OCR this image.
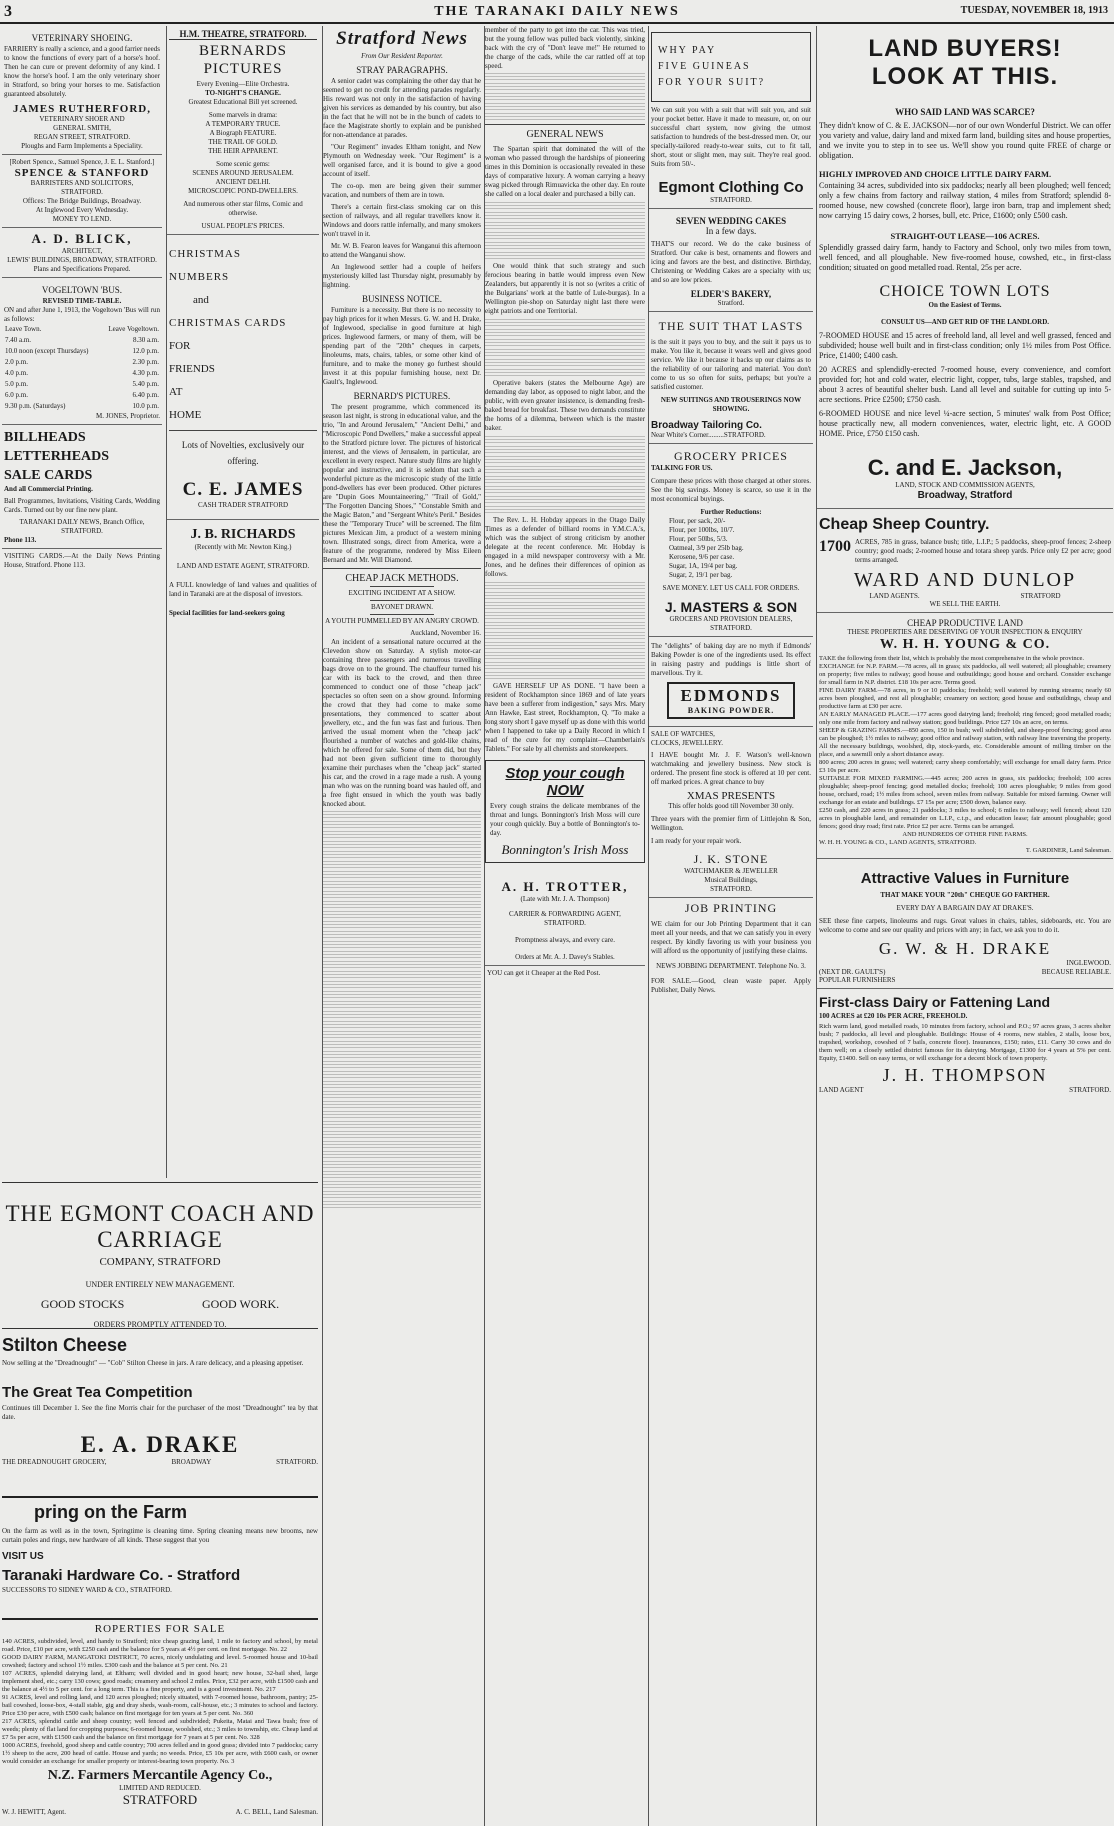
3	THE TARANAKI DAILY NEWS	TUESDAY, NOVEMBER 18, 1913
VETERINARY SHOEING.
FARRIERY is really a science, and a good farrier needs to know the functions of every part of a horse's hoof. Then he can cure or prevent deformity of any kind. I know the horse's hoof. I am the only veterinary shoer in Stratford, so bring your horses to me. Satisfaction guaranteed absolutely.
JAMES RUTHERFORD,
VETERINARY SHOER AND
GENERAL SMITH,
REGAN STREET, STRATFORD.
Ploughs and Farm Implements a Speciality.
[Robert Spence., Samuel Spence, J. E. L. Stanford.]
SPENCE & STANFORD
BARRISTERS AND SOLICITORS,
STRATFORD.
Offices: The Bridge Buildings, Broadway.
At Inglewood Every Wednesday.
MONEY TO LEND.
A. D. BLICK,
ARCHITECT,
LEWIS' BUILDINGS, BROADWAY, STRATFORD.
Plans and Specifications Prepared.
VOGELTOWN 'BUS.
REVISED TIME-TABLE.
ON and after June 1, 1913, the Vogeltown 'Bus will run as follows:
Leave Town.	Leave Vogeltown.
7.40 a.m.	8.30 a.m.
10.0 noon (except Thursdays)	12.0 p.m.
2.0 p.m.	2.30 p.m.
4.0 p.m.	4.30 p.m.
5.0 p.m.	5.40 p.m.
6.0 p.m.	6.40 p.m.
9.30 p.m. (Saturdays)	10.0 p.m.
M. JONES, Proprietor.
BILLHEADS
LETTERHEADS
SALE CARDS
And all Commercial Printing.
Ball Programmes, Invitations, Visiting Cards, Wedding Cards. Turned out by our fine new plant.
TARANAKI DAILY NEWS, Branch Office, STRATFORD.
Phone 113.
VISITING CARDS.—At the Daily News Printing House, Stratford. Phone 113.
H.M. THEATRE, STRATFORD.
BERNARDS PICTURES
Every Evening—Elite Orchestra.
TO-NIGHT'S CHANGE.
Greatest Educational Bill yet screened.
Some marvels in drama:
A TEMPORARY TRUCE.
A Biograph FEATURE.
THE TRAIL OF GOLD.
THE HEIR APPARENT.
Some scenic gems:
SCENES AROUND JERUSALEM.
ANCIENT DELHI.
MICROSCOPIC POND-DWELLERS.
And numerous other star films, Comic and otherwise.
USUAL PEOPLE'S PRICES.
CHRISTMAS
NUMBERS
and
CHRISTMAS CARDS
FOR
FRIENDS
AT
HOME
Lots of Novelties, exclusively our offering.
C. E. JAMES
CASH TRADER STRATFORD
J. B. RICHARDS
(Recently with Mr. Newton King.)
LAND AND ESTATE AGENT, STRATFORD.
A FULL knowledge of land values and qualities of land in Taranaki are at the disposal of investors.
Special facilities for land-seekers going
THE EGMONT COACH AND CARRIAGE
COMPANY, STRATFORD
UNDER ENTIRELY NEW MANAGEMENT.
GOOD STOCKS	GOOD WORK.
ORDERS PROMPTLY ATTENDED TO.
Stilton Cheese
Now selling at the "Dreadnought" — "Cob" Stilton Cheese in jars. A rare delicacy, and a pleasing appetiser.
The Great Tea Competition
Continues till December 1. See the fine Morris chair for the purchaser of the most "Dreadnought" tea by that date.
E. A. DRAKE
THE DREADNOUGHT GROCERY,	BROADWAY	STRATFORD.
pring on the Farm
On the farm as well as in the town, Springtime is cleaning time. Spring cleaning means new brooms, new curtain poles and rings, new hardware of all kinds. These suggest that you
VISIT US
Taranaki Hardware Co. - Stratford
SUCCESSORS TO SIDNEY WARD & CO., STRATFORD.
ROPERTIES FOR SALE
140 ACRES, subdivided, level, and handy to Stratford; nice cheap grazing land, 1 mile to factory and school, by metal road. Price, £10 per acre, with £250 cash and the balance for 5 years at 4½ per cent. on first mortgage. No. 22
GOOD DAIRY FARM, MANGATOKI DISTRICT, 70 acres, nicely undulating and level. 5-roomed house and 10-bail cowshed; factory and school 1½ miles. £300 cash and the balance at 5 per cent. No. 21
107 ACRES, splendid dairying land, at Eltham; well divided and in good heart; new house, 32-bail shed, large implement shed, etc.; carry 130 cows; good roads; creamery and school 2 miles. Price, £32 per acre, with £1500 cash and the balance at 4½ to 5 per cent. for a long term. This is a fine property, and is a good investment. No. 217
91 ACRES, level and rolling land, and 120 acres ploughed; nicely situated, with 7-roomed house, bathroom, pantry; 25-bail cowshed, loose-box, 4-stall stable, gig and dray sheds, wash-room, calf-house, etc.; 3 minutes to school and factory. Price £30 per acre, with £500 cash; balance on first mortgage for ten years at 5 per cent. No. 360
217 ACRES, splendid cattle and sheep country; well fenced and subdivided; Pukeita, Matai and Tawa bush; free of weeds; plenty of flat land for cropping purposes; 6-roomed house, woolshed, etc.; 3 miles to township, etc. Cheap land at £7 5s per acre, with £1500 cash and the balance on first mortgage for 7 years at 5 per cent. No. 328
1000 ACRES, freehold, good sheep and cattle country; 700 acres felled and in good grass; divided into 7 paddocks; carry 1½ sheep to the acre, 200 head of cattle. House and yards; no weeds. Price, £5 10s per acre, with £600 cash, or owner would consider an exchange for smaller property or interest-bearing town property. No. 3
N.Z. Farmers Mercantile Agency Co.,
LIMITED AND REDUCED.
STRATFORD
W. J. HEWITT, Agent.	A. C. BELL, Land Salesman.
Stratford News
From Our Resident Reporter.
STRAY PARAGRAPHS.
A senior cadet was complaining the other day that he seemed to get no credit for attending parades regularly. His reward was not only in the satisfaction of having given his services as demanded by his country, but also in the fact that he will not be in the bunch of cadets to face the Magistrate shortly to explain and be punished for non-attendance at parades.
"Our Regiment" invades Eltham tonight, and New Plymouth on Wednesday week. "Our Regiment" is a well organised farce, and it is bound to give a good account of itself.
The co-op. men are being given their summer vacation, and numbers of them are in town.
There's a certain first-class smoking car on this section of railways, and all regular travellers know it. Windows and doors rattle infernally, and many smokers won't travel in it.
Mr. W. B. Fearon leaves for Wanganui this afternoon to attend the Wanganui show.
An Inglewood settler had a couple of heifers mysteriously killed last Thursday night, presumably by lightning.
BUSINESS NOTICE.
Furniture is a necessity. But there is no necessity to pay high prices for it when Messrs. G. W. and H. Drake, of Inglewood, specialise in good furniture at high prices. Inglewood farmers, or many of them, will be spending part of the "20th" cheques in carpets, linoleums, mats, chairs, tables, or some other kind of furniture, and to make the money go furthest should invest it at this popular furnishing house, next Dr. Gault's, Inglewood.
BERNARD'S PICTURES.
The present programme, which commenced its season last night, is strong in educational value, and the trio, "In and Around Jerusalem," "Ancient Delhi," and "Microscopic Pond Dwellers," make a successful appeal to the Stratford picture lover. The pictures of historical interest, and the views of Jerusalem, in particular, are excellent in every respect. Nature study films are highly popular and instructive, and it is seldom that such a wonderful picture as the microscopic study of the little pond-dwellers has ever been produced. Other pictures are "Dupin Goes Mountaineering," "Trail of Gold," "The Forgotten Dancing Shoes," "Constable Smith and the Magic Baton," and "Sergeant White's Peril." Besides these the "Temporary Truce" will be screened. The film pictures Mexican Jim, a product of a western mining town. Illustrated songs, direct from America, were a feature of the programme, rendered by Miss Eileen Bernard and Mr. Will Diamond.
CHEAP JACK METHODS.
EXCITING INCIDENT AT A SHOW.
BAYONET DRAWN.
A YOUTH PUMMELLED BY AN ANGRY CROWD.
Auckland, November 16.
An incident of a sensational nature occurred at the Clevedon show on Saturday. A stylish motor-car containing three passengers and numerous travelling bags drove on to the ground. The chauffeur turned his car with its back to the crowd, and then three commenced to conduct one of those "cheap jack" spectacles so often seen on a show ground. Informing the crowd that they had come to make some presentations, they commenced to scatter about jewellery, etc., and the fun was fast and furious. Then arrived the usual moment when the "cheap jack" flourished a number of watches and gold-like chains, which he offered for sale. Some of them did, but they had not been given sufficient time to thoroughly examine their purchases when the "cheap jack" started his car, and the crowd in a rage made a rush. A young man who was on the running board was hauled off, and a free fight ensued in which the youth was badly knocked about.
member of the party to get into the car. This was tried, but the young fellow was pulled back violently, sinking back with the cry of "Don't leave me!" He returned to the charge of the cads, while the car rattled off at top speed.
GENERAL NEWS
The Spartan spirit that dominated the will of the woman who passed through the hardships of pioneering times in this Dominion is occasionally revealed in these days of comparative luxury. A woman carrying a heavy swag picked through Rimuavicka the other day. En route she called on a local dealer and purchased a billy can.
One would think that such strategy and such ferocious bearing in battle would impress even New Zealanders, but apparently it is not so (writes a critic of the Bulgarians' work at the battle of Lule-burgas). In a Wellington pie-shop on Saturday night last there were eight patriots and one Territorial.
Operative bakers (states the Melbourne Age) are demanding day labor, as opposed to night labor, and the public, with even greater insistence, is demanding fresh-baked bread for breakfast. These two demands constitute the horns of a dilemma, between which is the master baker.
The Rev. L. H. Hobday appears in the Otago Daily Times as a defender of billiard rooms in Y.M.C.A.'s, which was the subject of strong criticism by another delegate at the recent conference. Mr. Hobday is engaged in a mild newspaper controversy with a Mr. Jones, and he defines their differences of opinion as follows.
GAVE HERSELF UP AS DONE. "I have been a resident of Rockhampton since 1869 and of late years have been a sufferer from indigestion," says Mrs. Mary Ann Hawke, East street, Rockhampton, Q. "To make a long story short I gave myself up as done with this world when I happened to take up a Daily Record in which I read of the cure for my complaint—Chamberlain's Tablets." For sale by all chemists and storekeepers.
Stop your cough NOW
Every cough strains the delicate membranes of the throat and lungs. Bonnington's Irish Moss will cure your cough quickly. Buy a bottle of Bonnington's to-day.
Bonnington's Irish Moss
A. H. TROTTER,
(Late with Mr. J. A. Thompson)
CARRIER & FORWARDING AGENT,
STRATFORD.
Promptness always, and every care.
Orders at Mr. A. J. Davey's Stables.
YOU can get it Cheaper at the Red Post.
WHY PAY
FIVE GUINEAS
FOR YOUR SUIT?
We can suit you with a suit that will suit you, and suit your pocket better. Have it made to measure, or, on our successful chart system, now giving the utmost satisfaction to hundreds of the best-dressed men. Or, our specially-tailored ready-to-wear suits, cut to fit tall, short, stout or slight men, may suit. They're real good. Suits from 50/-.
Egmont Clothing Co
STRATFORD.
SEVEN WEDDING CAKES
In a few days.
THAT'S our record. We do the cake business of Stratford. Our cake is best, ornaments and flowers and icing and favors are the best, and distinctive. Birthday, Christening or Wedding Cakes are a specialty with us; and so are low prices.
ELDER'S BAKERY,
Stratford.
THE SUIT THAT LASTS
is the suit it pays you to buy, and the suit it pays us to make. You like it, because it wears well and gives good service. We like it because it backs up our claims as to the reliability of our tailoring and material. You don't come to us so often for suits, perhaps; but you're a satisfied customer.
NEW SUITINGS AND TROUSERINGS NOW SHOWING.
Broadway Tailoring Co.
Near White's Corner.........STRATFORD.
GROCERY PRICES
TALKING FOR US.
Compare these prices with those charged at other stores. See the big savings. Money is scarce, so use it in the most economical buyings.
Further Reductions:
Flour, per sack, 20/-
Flour, per 100lbs, 10/7.
Flour, per 50lbs, 5/3.
Oatmeal, 3/9 per 25lb bag.
Kerosene, 9/6 per case.
Sugar, 1A, 19/4 per bag.
Sugar, 2, 19/1 per bag.
SAVE MONEY. LET US CALL FOR ORDERS.
J. MASTERS & SON
GROCERS AND PROVISION DEALERS, STRATFORD.
The "delights" of baking day are no myth if Edmonds' Baking Powder is one of the ingredients used. Its effect in raising pastry and puddings is little short of marvellous. Try it.
EDMONDS
BAKING POWDER.
SALE OF WATCHES,
CLOCKS, JEWELLERY.
I HAVE bought Mr. J. F. Watson's well-known watchmaking and jewellery business. New stock is ordered. The present fine stock is offered at 10 per cent. off marked prices. A great chance to buy
XMAS PRESENTS
This offer holds good till November 30 only.
Three years with the premier firm of Littlejohn & Son, Wellington.
I am ready for your repair work.
J. K. STONE
WATCHMAKER & JEWELLER
Musical Buildings,
STRATFORD.
JOB PRINTING
WE claim for our Job Printing Department that it can meet all your needs, and that we can satisfy you in every respect. By kindly favoring us with your business you will afford us the opportunity of justifying these claims.
NEWS JOBBING DEPARTMENT. Telephone No. 3.
FOR SALE.—Good, clean waste paper. Apply Publisher, Daily News.
LAND BUYERS!
LOOK AT THIS.
WHO SAID LAND WAS SCARCE?
They didn't know of C. & E. JACKSON—nor of our own Wonderful District. We can offer you variety and value, dairy land and mixed farm land, building sites and house properties, and we invite you to step in to see us. We'll show you round quite FREE of charge or obligation.
HIGHLY IMPROVED AND CHOICE LITTLE DAIRY FARM.
Containing 34 acres, subdivided into six paddocks; nearly all been ploughed; well fenced; only a few chains from factory and railway station, 4 miles from Stratford; splendid 8-roomed house, new cowshed (concrete floor), large iron barn, trap and implement shed; now carrying 15 dairy cows, 2 horses, bull, etc. Price, £1600; only £500 cash.
STRAIGHT-OUT LEASE—106 ACRES.
Splendidly grassed dairy farm, handy to Factory and School, only two miles from town, well fenced, and all ploughable. New five-roomed house, cowshed, etc., in first-class condition; situated on good metalled road. Rental, 25s per acre.
CHOICE TOWN LOTS
On the Easiest of Terms.
CONSULT US—AND GET RID OF THE LANDLORD.
7-ROOMED HOUSE and 15 acres of freehold land, all level and well grassed, fenced and subdivided; house well built and in first-class condition; only 1½ miles from Post Office. Price, £1400; £400 cash.
20 ACRES and splendidly-erected 7-roomed house, every convenience, and comfort provided for; hot and cold water, electric light, copper, tubs, large stables, trapshed, and about 3 acres of beautiful shelter bush. Land all level and suitable for cutting up into 5-acre sections. Price £2500; £750 cash.
6-ROOMED HOUSE and nice level ¼-acre section, 5 minutes' walk from Post Office; house practically new, all modern conveniences, water, electric light, etc. A GOOD HOME. Price, £750 £150 cash.
C. and E. Jackson,
LAND, STOCK AND COMMISSION AGENTS,
Broadway, Stratford
Cheap Sheep Country.
1700 ACRES, 785 in grass, balance bush; title, L.I.P.; 5 paddocks, sheep-proof fences; 2-sheep country; good roads; 2-roomed house and totara sheep yards. Price only £2 per acre; good terms arranged.
WARD AND DUNLOP
LAND AGENTS.	STRATFORD
WE SELL THE EARTH.
CHEAP PRODUCTIVE LAND
THESE PROPERTIES ARE DESERVING OF YOUR INSPECTION & ENQUIRY
W. H. H. YOUNG & CO.
TAKE the following from their list, which is probably the most comprehensive in the whole province.
EXCHANGE for N.P. FARM.—78 acres, all in grass; six paddocks, all well watered; all ploughable; creamery on property; five miles to railway; good house and outbuildings; good house and orchard. Consider exchange for small farm in N.P. district. £18 10s per acre. Terms good.
FINE DAIRY FARM.—78 acres, in 9 or 10 paddocks; freehold; well watered by running streams; nearly 60 acres been ploughed, and rest all ploughable; creamery on section; good house and outbuildings, cheap and productive farm at £30 per acre.
AN EARLY MANAGED PLACE.—177 acres good dairying land; freehold; ring fenced; good metalled roads; only one mile from factory and railway station; good buildings. Price £27 10s an acre, on terms.
SHEEP & GRAZING FARMS.—850 acres, 150 in bush; well subdivided, and sheep-proof fencing; good area can be ploughed; 1½ miles to railway; good office and railway station, with railway line traversing the property. All the necessary buildings, woolshed, dip, stock-yards, etc. Considerable amount of milling timber on the place, and a sawmill only a short distance away.
800 acres; 200 acres in grass; well watered; carry sheep comfortably; will exchange for small dairy farm. Price £3 10s per acre.
SUITABLE FOR MIXED FARMING.—445 acres; 200 acres in grass, six paddocks; freehold; 100 acres ploughable; sheep-proof fencing; good metalled docks; freehold; 100 acres ploughable; 9 miles from good house, orchard, road; 1½ miles from school, seven miles from railway. Suitable for mixed farming. Owner will exchange for an estate and buildings. £7 15s per acre; £500 down, balance easy.
£250 cash, and 220 acres in grass; 21 paddocks; 3 miles to school; 6 miles to railway; well fenced; about 120 acres in ploughable land, and remainder on L.I.P., c.t.p., and education lease; fair amount ploughable; good fences; good dray road; first rate. Price £2 per acre. Terms can be arranged.
AND HUNDREDS OF OTHER FINE FARMS.
W. H. H. YOUNG & CO., LAND AGENTS, STRATFORD.
T. GARDINER, Land Salesman.
Attractive Values in Furniture
THAT MAKE YOUR "20th" CHEQUE GO FARTHER.
EVERY DAY A BARGAIN DAY AT DRAKE'S.
SEE these fine carpets, linoleums and rugs. Great values in chairs, tables, sideboards, etc. You are welcome to come and see our quality and prices with any; in fact, we ask you to do it.
G. W. & H. DRAKE
INGLEWOOD.
(NEXT DR. GAULT'S)	BECAUSE RELIABLE.
POPULAR FURNISHERS
First-class Dairy or Fattening Land
100 ACRES at £20 10s PER ACRE, FREEHOLD.
Rich warm land, good metalled roads, 10 minutes from factory, school and P.O.; 97 acres grass, 3 acres shelter bush; 7 paddocks, all level and ploughable. Buildings: House of 4 rooms, new stables, 2 stalls, loose box, trapshed, workshop, cowshed of 7 bails, concrete floor). Insurances, £150; rates, £11. Carry 30 cows and do them well; on a closely settled district famous for its dairying. Mortgage, £1300 for 4 years at 5% per cent. Equity, £1400. Sell on easy terms, or will exchange for a decent block of town property.
J. H. THOMPSON
LAND AGENT	STRATFORD.
